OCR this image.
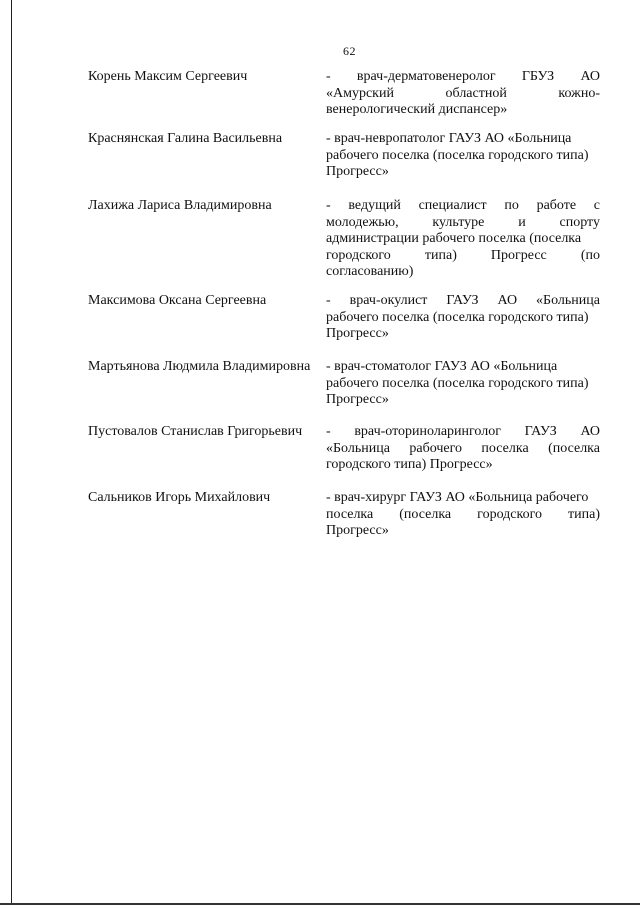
62
Корень Максим Сергеевич	- врач-дерматовенеролог ГБУЗ АО
«Амурский	областной	кожно-
венерологический диспансер»
Краснянская Галина Васильевна	- врач-невропатолог ГАУЗ АО «Больница
рабочего поселка (поселка городского типа)
Прогресс»
Лахижа Лариса Владимировна	- ведущий специалист по работе с
молодежью, культуре и спорту
администрации рабочего поселка (поселка
городского типа) Прогресс (по
согласованию)
Максимова Оксана Сергеевна	- врач-окулист ГАУЗ АО «Больница
рабочего поселка (поселка городского типа)
Прогресс»
Мартьянова Людмила Владимировна	- врач-стоматолог ГАУЗ АО «Больница
рабочего поселка (поселка городского типа)
Прогресс»
Пустовалов Станислав Григорьевич	- врач-оториноларинголог ГАУЗ АО
«Больница рабочего поселка (поселка
городского типа) Прогресс»
Сальников Игорь Михайлович	- врач-хирург ГАУЗ АО «Больница рабочего
поселка (поселка городского типа)
Прогресс»
